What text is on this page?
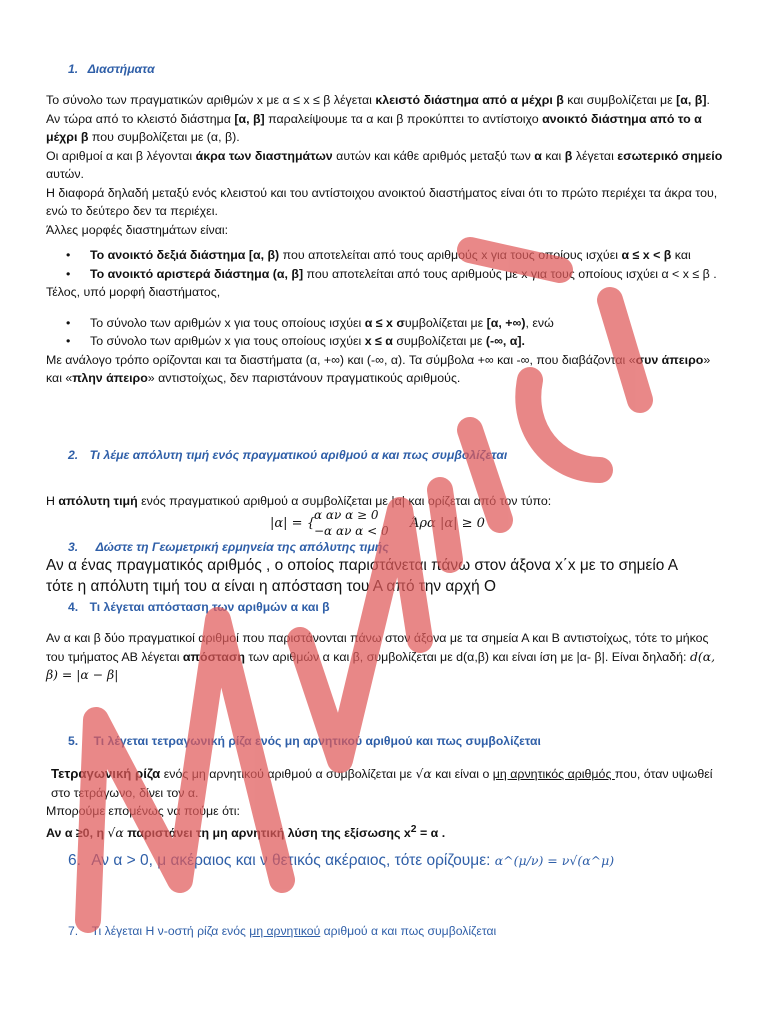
1. Διαστήματα

Το σύνολο των πραγματικών αριθμών x με α ≤ x ≤ β λέγεται κλειστό διάστημα από α μέχρι β και συμβολίζεται με [α, β].

Αν τώρα από το κλειστό διάστημα [α, β] παραλείψουμε τα α και β προκύπτει το αντίστοιχο ανοικτό διάστημα από το α μέχρι β που συμβολίζεται με (α, β).

Οι αριθμοί α και β λέγονται άκρα των διαστημάτων αυτών και κάθε αριθμός μεταξύ των α και β λέγεται εσωτερικό σημείο αυτών.

Η διαφορά δηλαδή μεταξύ ενός κλειστού και του αντίστοιχου ανοικτού διαστήματος είναι ότι το πρώτο περιέχει τα άκρα του, ενώ το δεύτερο δεν τα περιέχει.

Άλλες μορφές διαστημάτων είναι:

• Το ανοικτό δεξιά διάστημα [α, β) που αποτελείται από τους αριθμούς x για τους οποίους ισχύει α ≤ x < β και
• Το ανοικτό αριστερά διάστημα (α, β] που αποτελείται από τους αριθμούς με x για τους οποίους ισχύει α < x ≤ β .

Τέλος, υπό μορφή διαστήματος,

• Το σύνολο των αριθμών x για τους οποίους ισχύει α ≤ x συμβολίζεται με [α, +∞), ενώ
• Το σύνολο των αριθμών x για τους οποίους ισχύει x ≤ α συμβολίζεται με (-∞, α].

Με ανάλογο τρόπο ορίζονται και τα διαστήματα (α, +∞) και (-∞, α). Τα σύμβολα +∞ και -∞, που διαβάζονται «συν άπειρο» και «πλην άπειρο» αντιστοίχως, δεν παριστάνουν πραγματικούς αριθμούς.

2. Τι λέμε απόλυτη τιμή ενός πραγματικού αριθμού α και πως συμβολίζεται

Η απόλυτη τιμή ενός πραγματικού αριθμού α συμβολίζεται με |α| και ορίζεται από τον τύπο:

|α| = {
α αν α ≥ 0
−α αν α < 0 Άρα |α| ≥ 0
3. Δώστε τη Γεωμετρική ερμηνεία της απόλυτης τιμής

Αν α ένας πραγματικός αριθμός , ο οποίος παριστάνεται πάνω στον άξονα x΄x με το σημείο Α τότε η απόλυτη τιμή του α είναι η απόσταση του Α από την αρχή Ο

4. Τι λέγεται απόσταση των αριθμών α και β

Αν α και β δύο πραγματικοί αριθμοί που παριστάνονται πάνω στον άξονα με τα σημεία Α και Β αντιστοίχως, τότε το μήκος του τμήματος ΑΒ λέγεται απόσταση των αριθμών α και β, συμβολίζεται με d(α,β) και είναι ίση με |α- β|. Είναι δηλαδή: d(α, β) = |α − β|

5. Τι λέγεται τετραγωνική ρίζα ενός μη αρνητικού αριθμού και πως συμβολίζεται

Τετραγωνική ρίζα ενός μη αρνητικού αριθμού α συμβολίζεται με √α και είναι ο μη αρνητικός αριθμός που, όταν υψωθεί στο τετράγωνο, δίνει τον α.

Μπορούμε επομένως να πούμε ότι:

Αν α ≥0, η √α παριστάνει τη μη αρνητική λύση της εξίσωσης $x^2 = \alpha$ .

6. Αν α > 0, μ ακέραιος και ν θετικός ακέραιος, τότε ορίζουμε: α^(μ/ν) = ν√(α^μ)
7. Τι λέγεται Η ν-οστή ρίζα ενός μη αρνητικού αριθμού α και πως συμβολίζεται
